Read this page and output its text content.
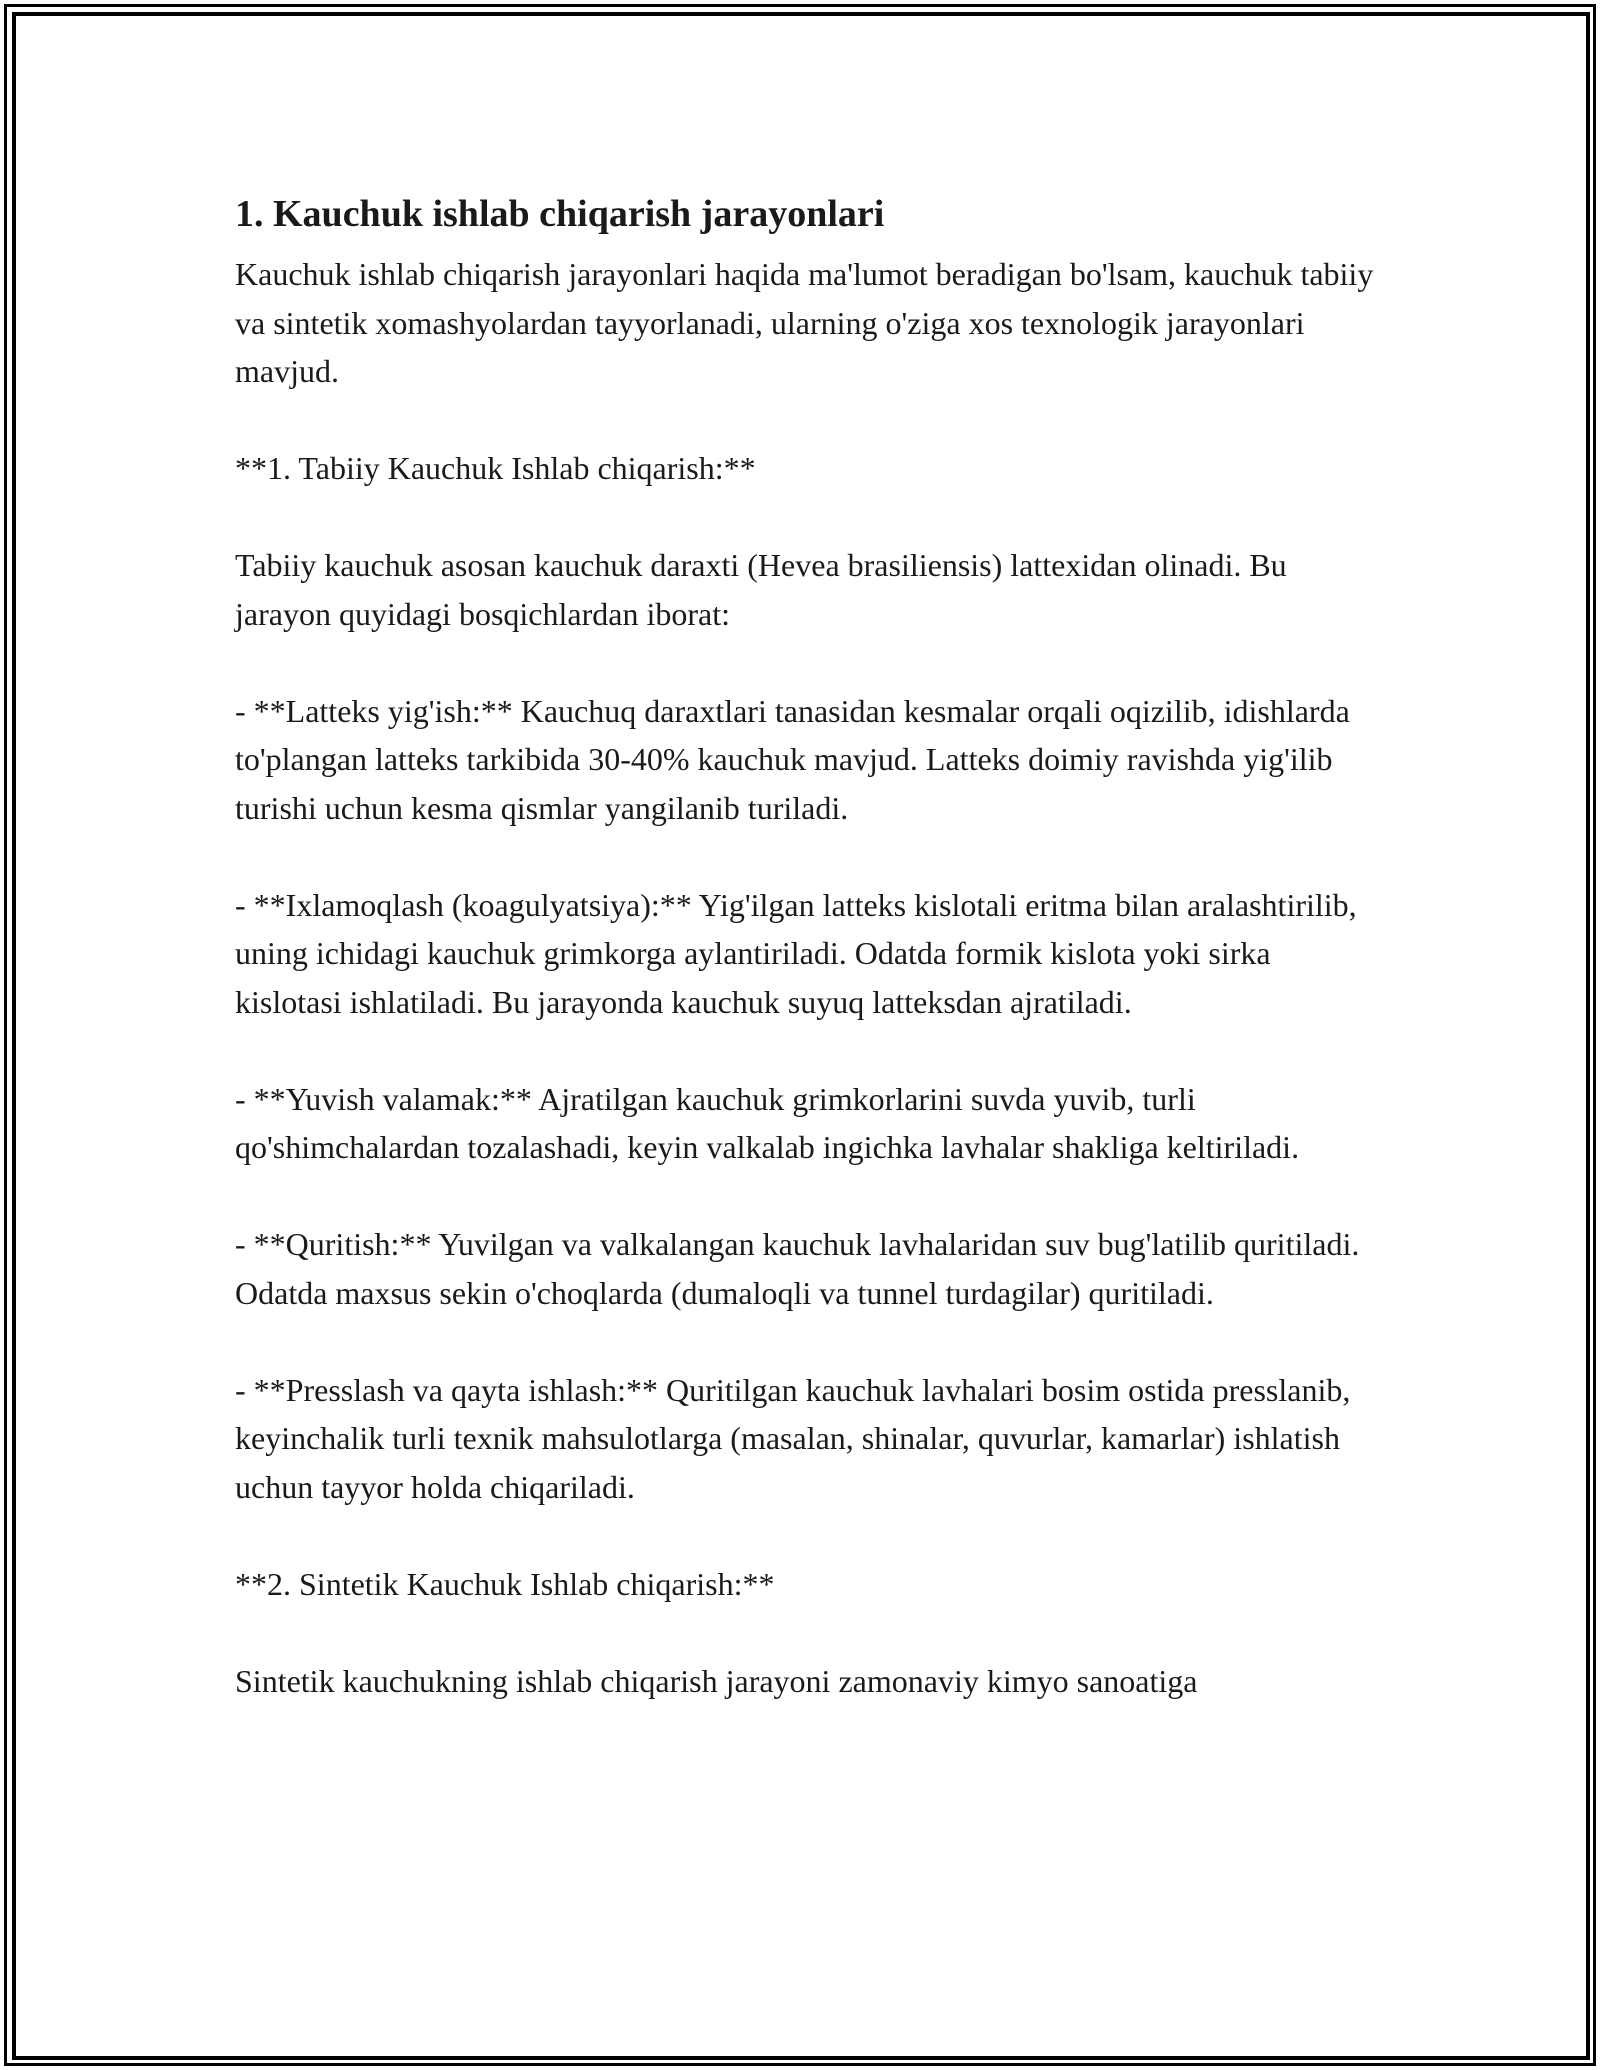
1. Kauchuk ishlab chiqarish jarayonlari

Kauchuk ishlab chiqarish jarayonlari haqida ma'lumot beradigan bo'lsam, kauchuk tabiiy va sintetik xomashyolardan tayyorlanadi, ularning o'ziga xos texnologik jarayonlari mavjud.

**1. Tabiiy Kauchuk Ishlab chiqarish:**

Tabiiy kauchuk asosan kauchuk daraxti (Hevea brasiliensis) lattexidan olinadi. Bu jarayon quyidagi bosqichlardan iborat:

- **Latteks yig'ish:** Kauchuq daraxtlari tanasidan kesmalar orqali oqizilib, idishlarda to'plangan latteks tarkibida 30-40% kauchuk mavjud. Latteks doimiy ravishda yig'ilib turishi uchun kesma qismlar yangilanib turiladi.

- **Ixlamoqlash (koagulyatsiya):** Yig'ilgan latteks kislotali eritma bilan aralashtirilib, uning ichidagi kauchuk grimkorga aylantiriladi. Odatda formik kislota yoki sirka kislotasi ishlatiladi. Bu jarayonda kauchuk suyuq latteksdan ajratiladi.

- **Yuvish valamak:** Ajratilgan kauchuk grimkorlarini suvda yuvib, turli qo'shimchalardan tozalashadi, keyin valkalab ingichka lavhalar shakliga keltiriladi.

- **Quritish:** Yuvilgan va valkalangan kauchuk lavhalaridan suv bug'latilib quritiladi. Odatda maxsus sekin o'choqlarda (dumaloqli va tunnel turdagilar) quritiladi.

- **Presslash va qayta ishlash:** Quritilgan kauchuk lavhalari bosim ostida presslanib, keyinchalik turli texnik mahsulotlarga (masalan, shinalar, quvurlar, kamarlar) ishlatish uchun tayyor holda chiqariladi.

**2. Sintetik Kauchuk Ishlab chiqarish:**

Sintetik kauchukning ishlab chiqarish jarayoni zamonaviy kimyo sanoatiga
